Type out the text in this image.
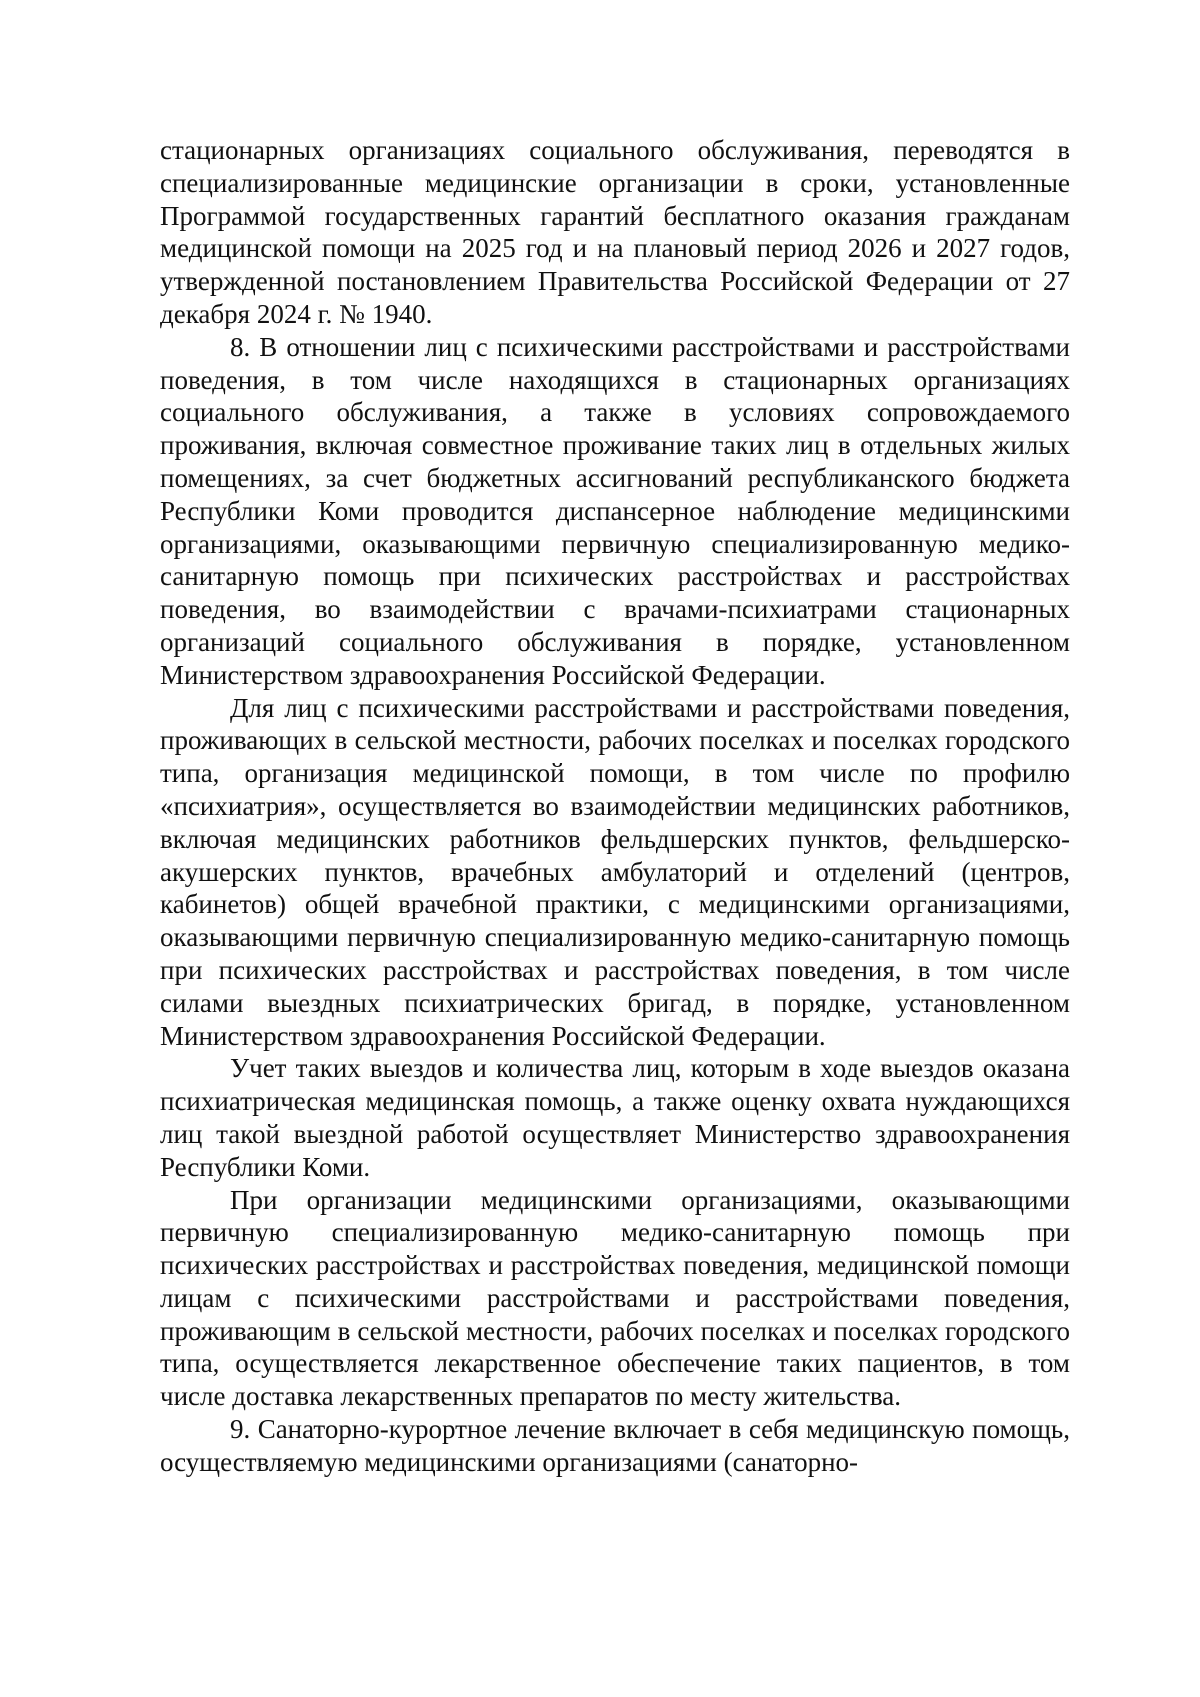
стационарных организациях социального обслуживания, переводятся в специализированные медицинские организации в сроки, установленные Программой государственных гарантий бесплатного оказания гражданам медицинской помощи на 2025 год и на плановый период 2026 и 2027 годов, утвержденной постановлением Правительства Российской Федерации от 27 декабря 2024 г. № 1940.

8. В отношении лиц с психическими расстройствами и расстройствами поведения, в том числе находящихся в стационарных организациях социального обслуживания, а также в условиях сопровождаемого проживания, включая совместное проживание таких лиц в отдельных жилых помещениях, за счет бюджетных ассигнований республиканского бюджета Республики Коми проводится диспансерное наблюдение медицинскими организациями, оказывающими первичную специализированную медико-санитарную помощь при психических расстройствах и расстройствах поведения, во взаимодействии с врачами-психиатрами стационарных организаций социального обслуживания в порядке, установленном Министерством здравоохранения Российской Федерации.

Для лиц с психическими расстройствами и расстройствами поведения, проживающих в сельской местности, рабочих поселках и поселках городского типа, организация медицинской помощи, в том числе по профилю «психиатрия», осуществляется во взаимодействии медицинских работников, включая медицинских работников фельдшерских пунктов, фельдшерско-акушерских пунктов, врачебных амбулаторий и отделений (центров, кабинетов) общей врачебной практики, с медицинскими организациями, оказывающими первичную специализированную медико-санитарную помощь при психических расстройствах и расстройствах поведения, в том числе силами выездных психиатрических бригад, в порядке, установленном Министерством здравоохранения Российской Федерации.

Учет таких выездов и количества лиц, которым в ходе выездов оказана психиатрическая медицинская помощь, а также оценку охвата нуждающихся лиц такой выездной работой осуществляет Министерство здравоохранения Республики Коми.

При организации медицинскими организациями, оказывающими первичную специализированную медико-санитарную помощь при психических расстройствах и расстройствах поведения, медицинской помощи лицам с психическими расстройствами и расстройствами поведения, проживающим в сельской местности, рабочих поселках и поселках городского типа, осуществляется лекарственное обеспечение таких пациентов, в том числе доставка лекарственных препаратов по месту жительства.

9. Санаторно-курортное лечение включает в себя медицинскую помощь, осуществляемую медицинскими организациями (санаторно-
